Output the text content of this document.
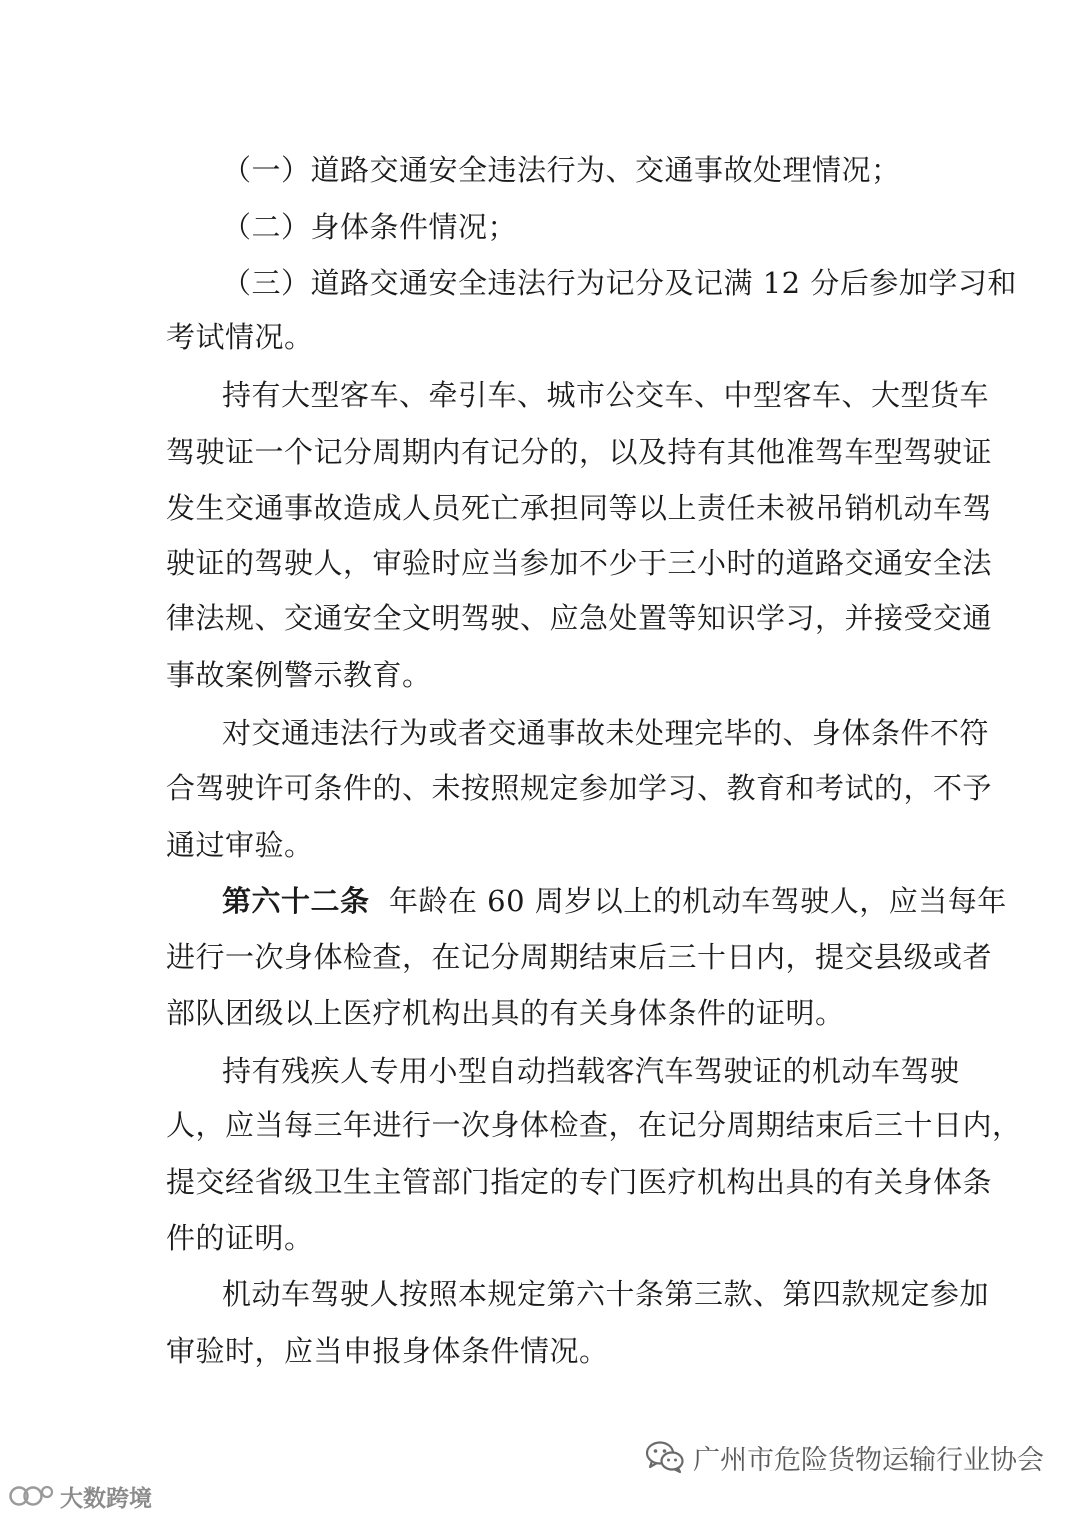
（一）道路交通安全违法行为、交通事故处理情况；
（二）身体条件情况；
（三）道路交通安全违法行为记分及记满 12 分后参加学习和
考试情况。
持有大型客车、牵引车、城市公交车、中型客车、大型货车
驾驶证一个记分周期内有记分的，以及持有其他准驾车型驾驶证
发生交通事故造成人员死亡承担同等以上责任未被吊销机动车驾
驶证的驾驶人，审验时应当参加不少于三小时的道路交通安全法
律法规、交通安全文明驾驶、应急处置等知识学习，并接受交通
事故案例警示教育。
对交通违法行为或者交通事故未处理完毕的、身体条件不符
合驾驶许可条件的、未按照规定参加学习、教育和考试的，不予
通过审验。
第六十二条  年龄在 60 周岁以上的机动车驾驶人，应当每年
进行一次身体检查，在记分周期结束后三十日内，提交县级或者
部队团级以上医疗机构出具的有关身体条件的证明。
持有残疾人专用小型自动挡载客汽车驾驶证的机动车驾驶
人，应当每三年进行一次身体检查，在记分周期结束后三十日内，
提交经省级卫生主管部门指定的专门医疗机构出具的有关身体条
件的证明。
机动车驾驶人按照本规定第六十条第三款、第四款规定参加
审验时，应当申报身体条件情况。
广州市危险货物运输行业协会
大数跨境
